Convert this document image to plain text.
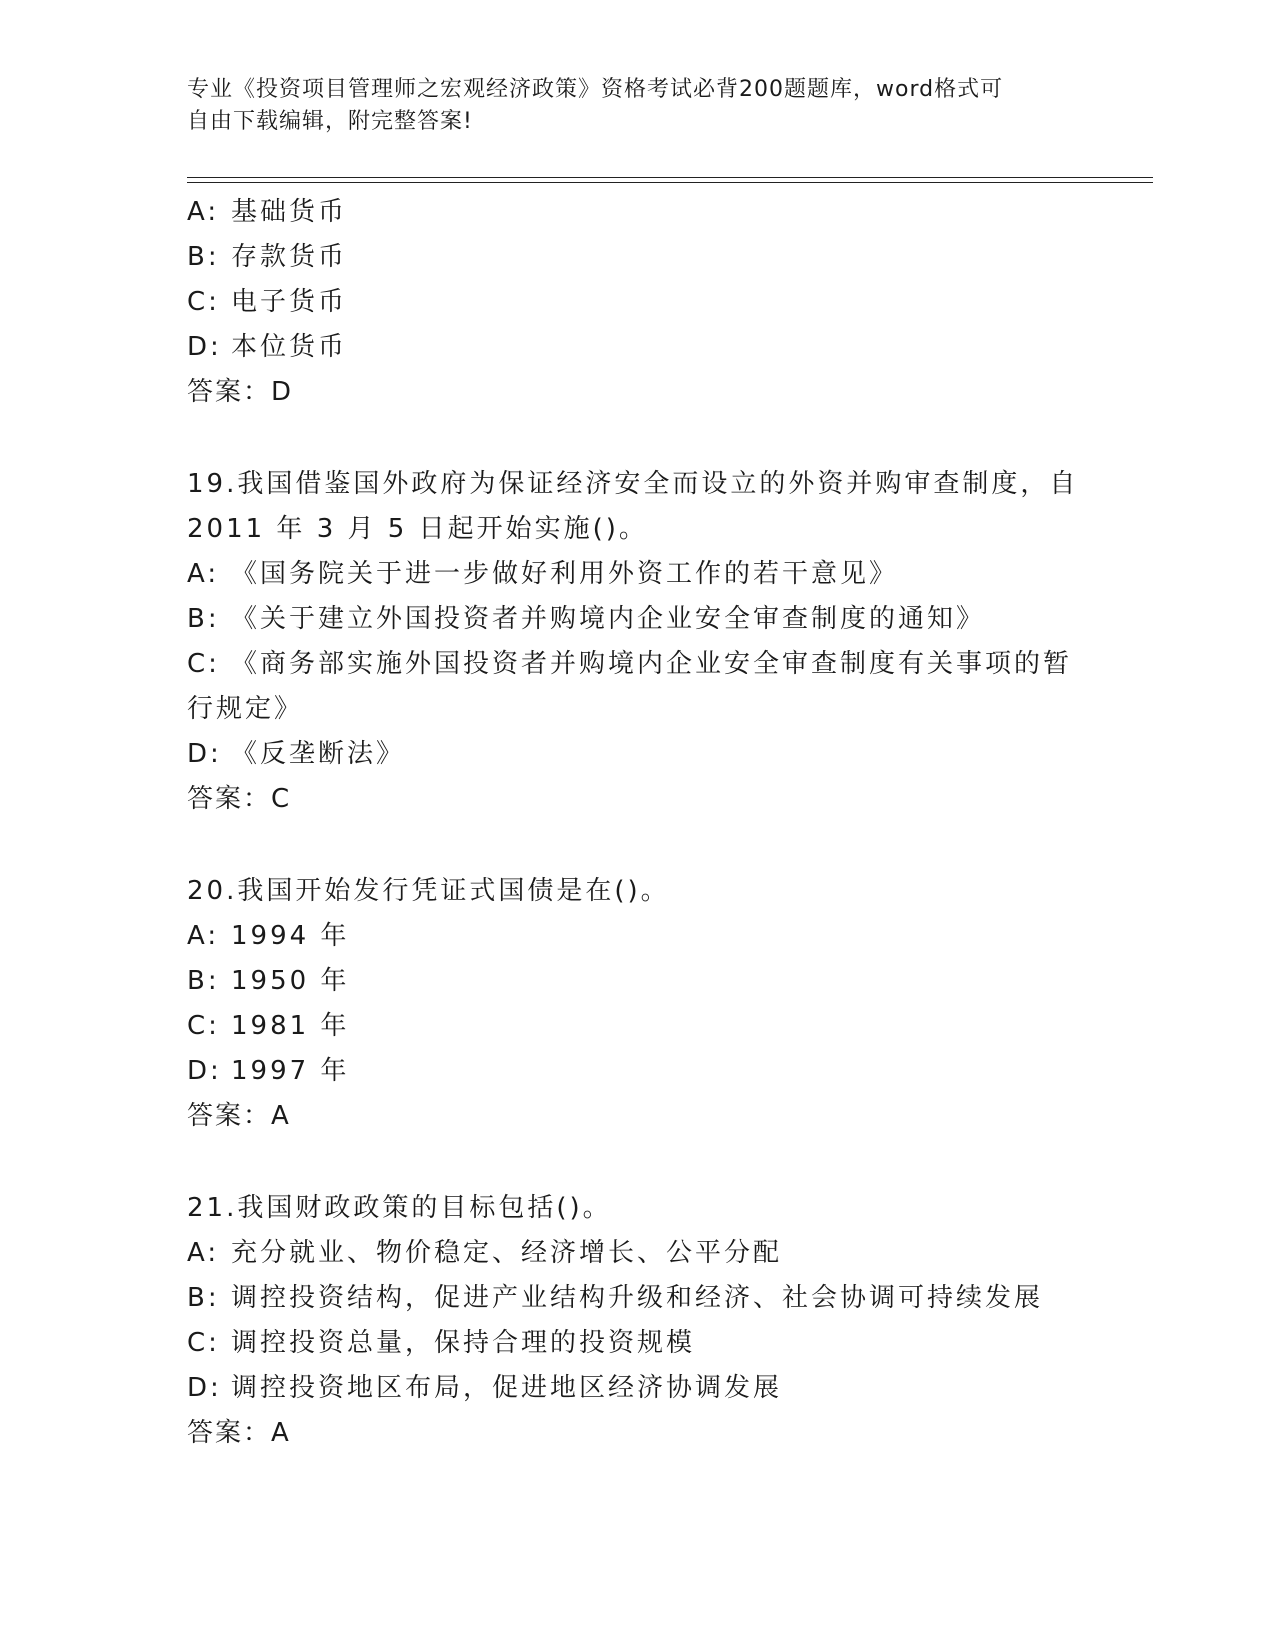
专业《投资项目管理师之宏观经济政策》资格考试必背200题题库，word格式可
自由下载编辑，附完整答案!
A: 基础货币
B: 存款货币
C: 电子货币
D: 本位货币
答案：D
19.我国借鉴国外政府为保证经济安全而设立的外资并购审查制度，自
2011 年 3 月 5 日起开始实施()。
A: 《国务院关于进一步做好利用外资工作的若干意见》
B: 《关于建立外国投资者并购境内企业安全审查制度的通知》
C: 《商务部实施外国投资者并购境内企业安全审查制度有关事项的暂
行规定》
D: 《反垄断法》
答案：C
20.我国开始发行凭证式国债是在()。
A: 1994 年
B: 1950 年
C: 1981 年
D: 1997 年
答案：A
21.我国财政政策的目标包括()。
A: 充分就业、物价稳定、经济增长、公平分配
B: 调控投资结构，促进产业结构升级和经济、社会协调可持续发展
C: 调控投资总量，保持合理的投资规模
D: 调控投资地区布局，促进地区经济协调发展
答案：A
